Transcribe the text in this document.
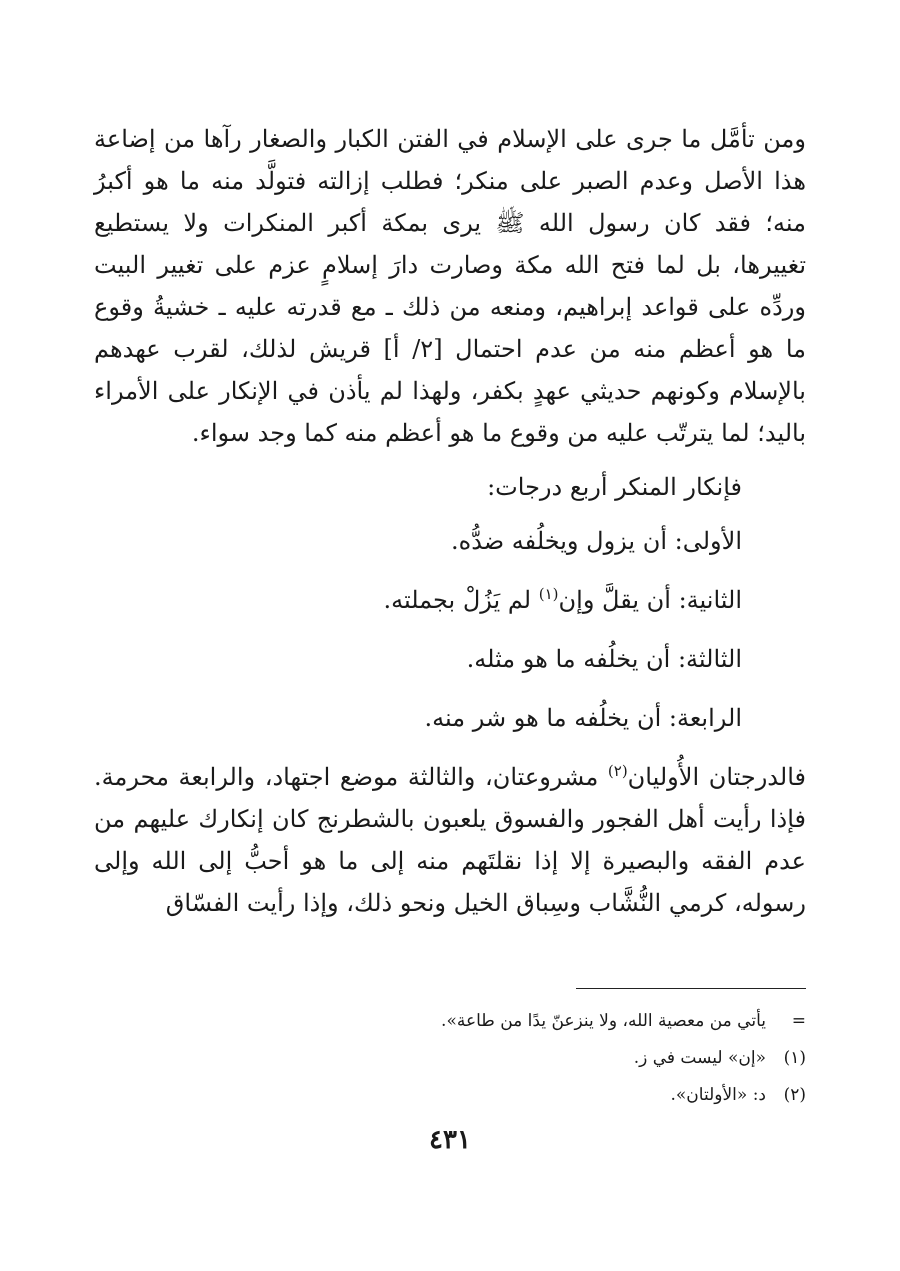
ومن تأمَّل ما جرى على الإسلام في الفتن الكبار والصغار رآها من إضاعة هذا الأصل وعدم الصبر على منكر؛ فطلب إزالته فتولَّد منه ما هو أكبرُ منه؛ فقد كان رسول الله ﷺ يرى بمكة أكبر المنكرات ولا يستطيع تغييرها، بل لما فتح الله مكة وصارت دارَ إسلامٍ عزم على تغيير البيت وردِّه على قواعد إبراهيم، ومنعه من ذلك ـ مع قدرته عليه ـ خشيةُ وقوع ما هو أعظم منه من عدم احتمال [٢/ أ] قريش لذلك، لقرب عهدهم بالإسلام وكونهم حديثي عهدٍ بكفر، ولهذا لم يأذن في الإنكار على الأمراء باليد؛ لما يترتّب عليه من وقوع ما هو أعظم منه كما وجد سواء.

فإنكار المنكر أربع درجات:
الأولى: أن يزول ويخلُفه ضدُّه.
الثانية: أن يقلَّ وإن$^{(١)}$ لم يَزُلْ بجملته.
الثالثة: أن يخلُفه ما هو مثله.
الرابعة: أن يخلُفه ما هو شر منه.

فالدرجتان الأُوليان$^{(٢)}$ مشروعتان، والثالثة موضع اجتهاد، والرابعة محرمة. فإذا رأيت أهل الفجور والفسوق يلعبون بالشطرنج كان إنكارك عليهم من عدم الفقه والبصيرة إلا إذا نقلتَهم منه إلى ما هو أحبُّ إلى الله وإلى رسوله، كرمي النُّشَّاب وسِباق الخيل ونحو ذلك، وإذا رأيت الفسّاق

=يأتي من معصية الله، ولا ينزعنّ يدًا من طاعة».

(١)«إن» ليست في ز.

(٢)د: «الأولتان».

٤٣١
